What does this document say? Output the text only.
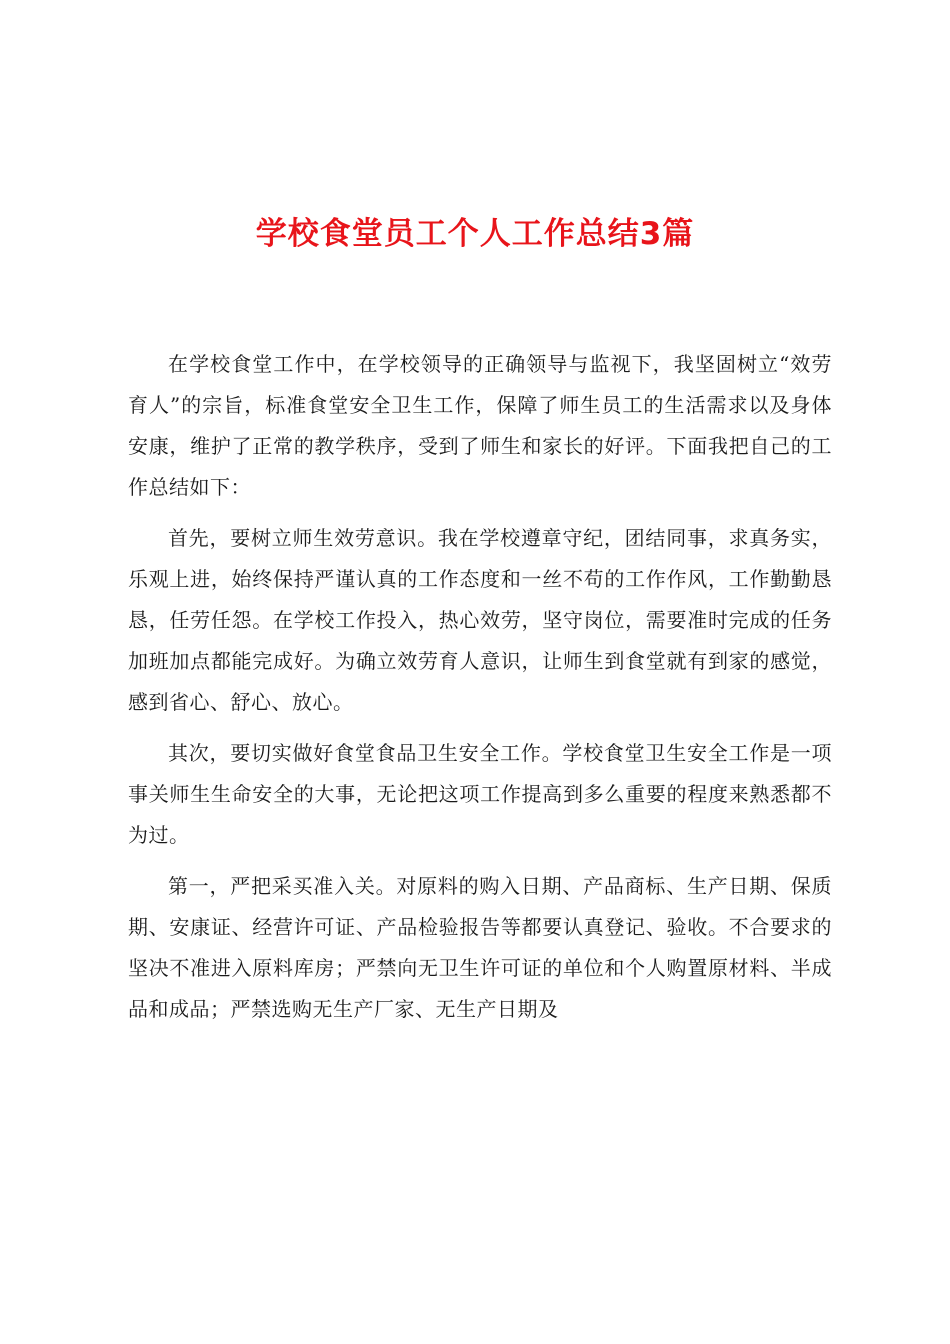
学校食堂员工个人工作总结3篇

在学校食堂工作中，在学校领导的正确领导与监视下，我坚固树立“效劳育人”的宗旨，标准食堂安全卫生工作，保障了师生员工的生活需求以及身体安康，维护了正常的教学秩序，受到了师生和家长的好评。下面我把自己的工作总结如下：

首先，要树立师生效劳意识。我在学校遵章守纪，团结同事，求真务实，乐观上进，始终保持严谨认真的工作态度和一丝不苟的工作作风，工作勤勤恳恳，任劳任怨。在学校工作投入，热心效劳，坚守岗位，需要准时完成的任务加班加点都能完成好。为确立效劳育人意识，让师生到食堂就有到家的感觉，感到省心、舒心、放心。

其次，要切实做好食堂食品卫生安全工作。学校食堂卫生安全工作是一项事关师生生命安全的大事，无论把这项工作提高到多么重要的程度来熟悉都不为过。

第一，严把采买准入关。对原料的购入日期、产品商标、生产日期、保质期、安康证、经营许可证、产品检验报告等都要认真登记、验收。不合要求的坚决不准进入原料库房；严禁向无卫生许可证的单位和个人购置原材料、半成品和成品；严禁选购无生产厂家、无生产日期及
